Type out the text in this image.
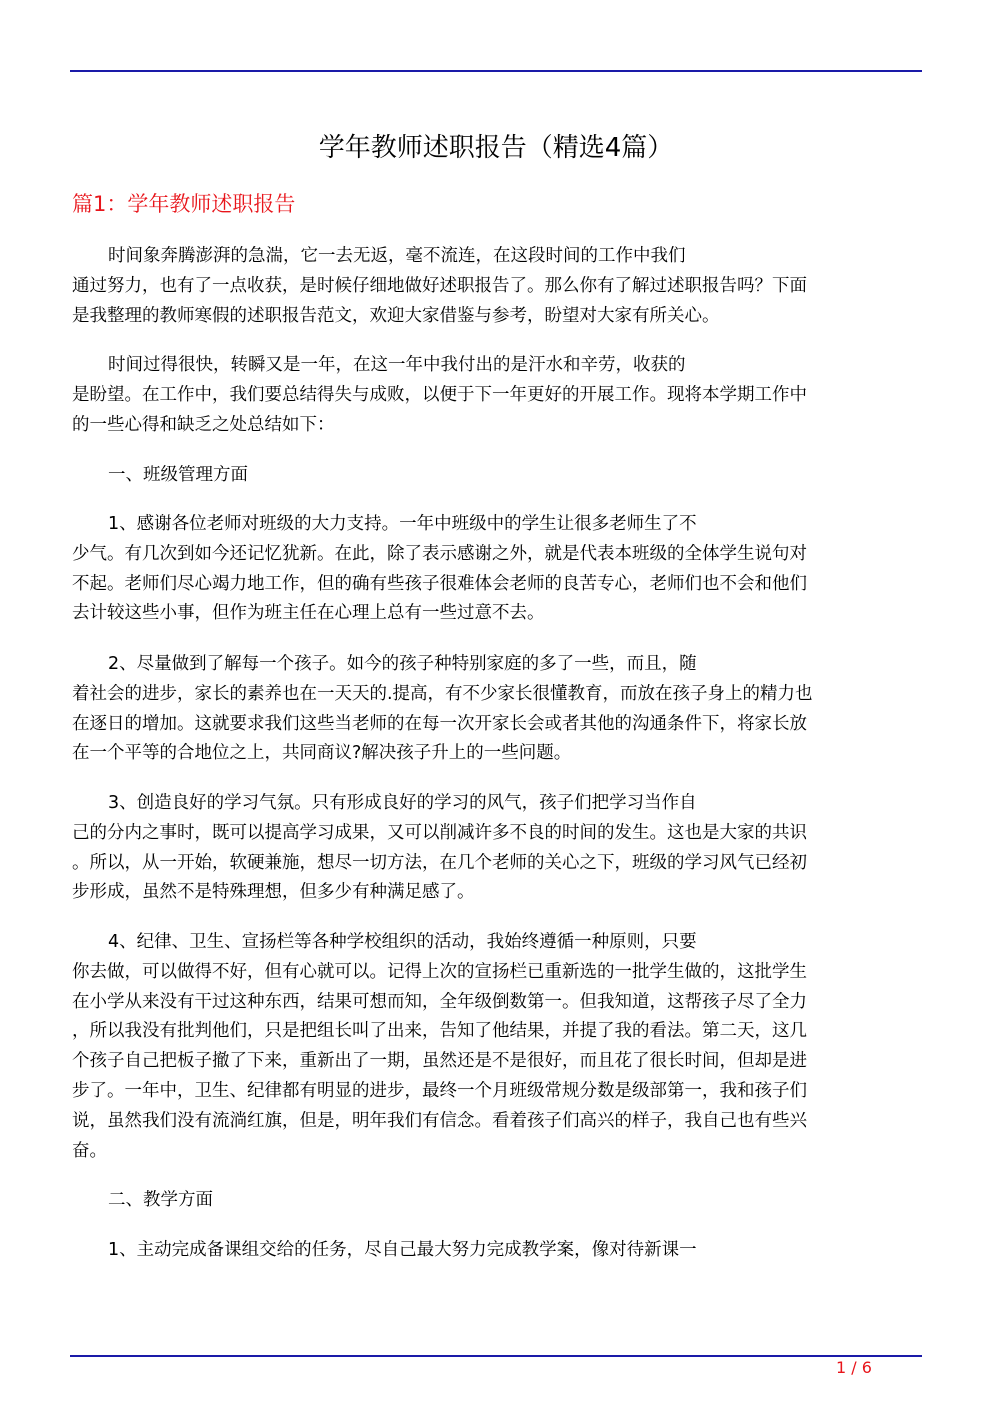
学年教师述职报告（精选4篇）
篇1：学年教师述职报告
时间象奔腾澎湃的急湍，它一去无返，毫不流连，在这段时间的工作中我们
通过努力，也有了一点收获，是时候仔细地做好述职报告了。那么你有了解过述职报告吗？下面
是我整理的教师寒假的述职报告范文，欢迎大家借鉴与参考，盼望对大家有所关心。
时间过得很快，转瞬又是一年，在这一年中我付出的是汗水和辛劳，收获的
是盼望。在工作中，我们要总结得失与成败，以便于下一年更好的开展工作。现将本学期工作中
的一些心得和缺乏之处总结如下：
一、班级管理方面
1、感谢各位老师对班级的大力支持。一年中班级中的学生让很多老师生了不
少气。有几次到如今还记忆犹新。在此，除了表示感谢之外，就是代表本班级的全体学生说句对
不起。老师们尽心竭力地工作，但的确有些孩子很难体会老师的良苦专心，老师们也不会和他们
去计较这些小事，但作为班主任在心理上总有一些过意不去。
2、尽量做到了解每一个孩子。如今的孩子种特别家庭的多了一些，而且，随
着社会的进步，家长的素养也在一天天的.提高，有不少家长很懂教育，而放在孩子身上的精力也
在逐日的增加。这就要求我们这些当老师的在每一次开家长会或者其他的沟通条件下，将家长放
在一个平等的合地位之上，共同商议?解决孩子升上的一些问题。
3、创造良好的学习气氛。只有形成良好的学习的风气，孩子们把学习当作自
己的分内之事时，既可以提高学习成果，又可以削减许多不良的时间的发生。这也是大家的共识
。所以，从一开始，软硬兼施，想尽一切方法，在几个老师的关心之下，班级的学习风气已经初
步形成，虽然不是特殊理想，但多少有种满足感了。
4、纪律、卫生、宣扬栏等各种学校组织的活动，我始终遵循一种原则，只要
你去做，可以做得不好，但有心就可以。记得上次的宣扬栏已重新选的一批学生做的，这批学生
在小学从来没有干过这种东西，结果可想而知，全年级倒数第一。但我知道，这帮孩子尽了全力
，所以我没有批判他们，只是把组长叫了出来，告知了他结果，并提了我的看法。第二天，这几
个孩子自己把板子撤了下来，重新出了一期，虽然还是不是很好，而且花了很长时间，但却是进
步了。一年中，卫生、纪律都有明显的进步，最终一个月班级常规分数是级部第一，我和孩子们
说，虽然我们没有流淌红旗，但是，明年我们有信念。看着孩子们高兴的样子，我自己也有些兴
奋。
二、教学方面
1、主动完成备课组交给的任务，尽自己最大努力完成教学案，像对待新课一
1 / 6
